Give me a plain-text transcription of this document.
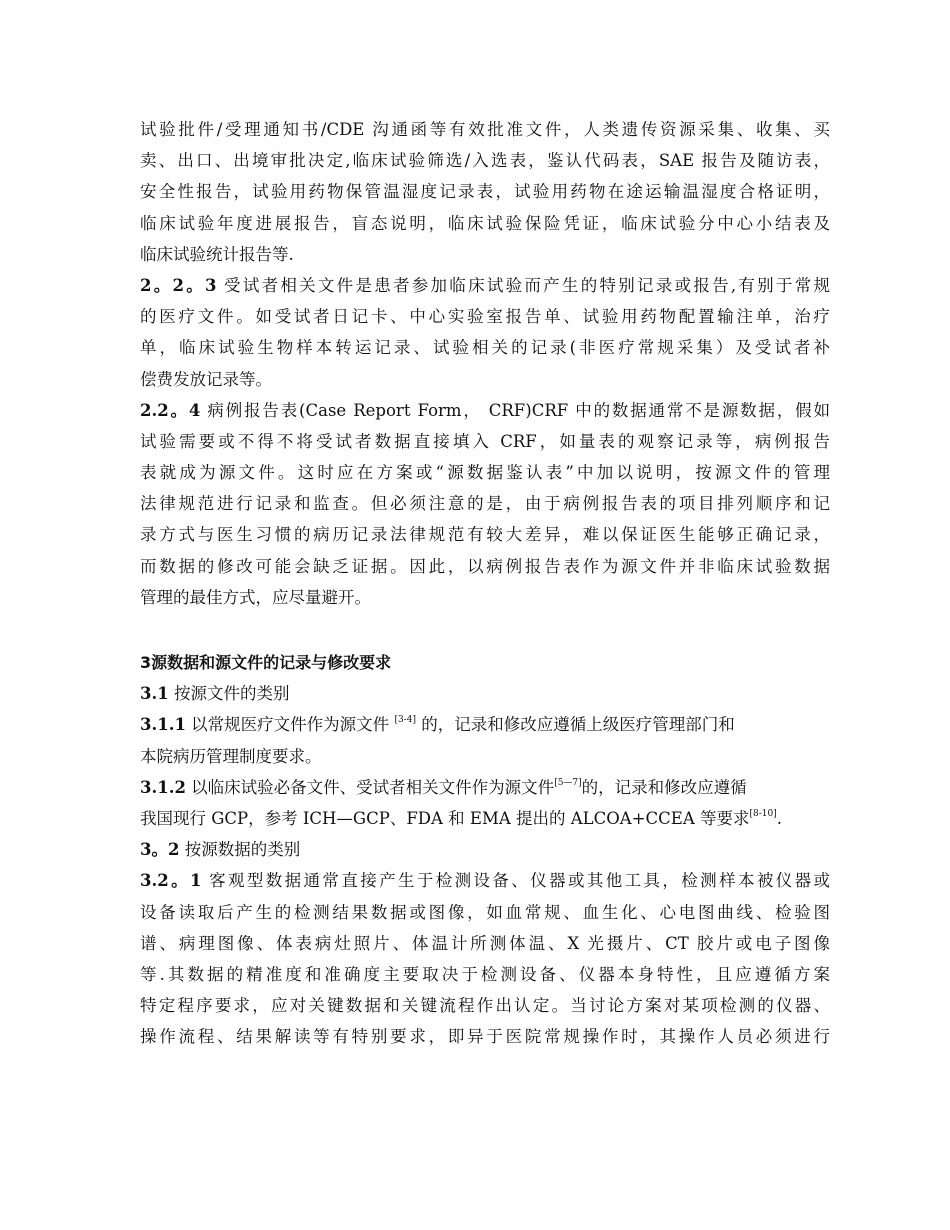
试验批件/受理通知书/CDE 沟通函等有效批准文件，人类遗传资源采集、收集、买
卖、出口、出境审批决定,临床试验筛选/入选表，鉴认代码表，SAE 报告及随访表，
安全性报告，试验用药物保管温湿度记录表，试验用药物在途运输温湿度合格证明，
临床试验年度进展报告，盲态说明，临床试验保险凭证，临床试验分中心小结表及
临床试验统计报告等.
2。2。3 受试者相关文件是患者参加临床试验而产生的特别记录或报告,有别于常规
的医疗文件。如受试者日记卡、中心实验室报告单、试验用药物配置输注单，治疗
单，临床试验生物样本转运记录、试验相关的记录(非医疗常规采集）及受试者补
偿费发放记录等。
2.2。4 病例报告表(Case Report Form， CRF)CRF 中的数据通常不是源数据，假如
试验需要或不得不将受试者数据直接填入 CRF，如量表的观察记录等，病例报告
表就成为源文件。这时应在方案或“源数据鉴认表”中加以说明，按源文件的管理
法律规范进行记录和监查。但必须注意的是，由于病例报告表的项目排列顺序和记
录方式与医生习惯的病历记录法律规范有较大差异，难以保证医生能够正确记录，
而数据的修改可能会缺乏证据。因此，以病例报告表作为源文件并非临床试验数据
管理的最佳方式，应尽量避开。
3源数据和源文件的记录与修改要求
3.1 按源文件的类别
3.1.1 以常规医疗文件作为源文件 [3-4] 的，记录和修改应遵循上级医疗管理部门和
本院病历管理制度要求。
3.1.2 以临床试验必备文件、受试者相关文件作为源文件[5—7]的，记录和修改应遵循
我国现行 GCP，参考 ICH—GCP、FDA 和 EMA 提出的 ALCOA+CCEA 等要求[8-10].
3。2 按源数据的类别
3.2。1 客观型数据通常直接产生于检测设备、仪器或其他工具，检测样本被仪器或
设备读取后产生的检测结果数据或图像，如血常规、血生化、心电图曲线、检验图
谱、病理图像、体表病灶照片、体温计所测体温、X 光摄片、CT 胶片或电子图像
等.其数据的精准度和准确度主要取决于检测设备、仪器本身特性，且应遵循方案
特定程序要求，应对关键数据和关键流程作出认定。当讨论方案对某项检测的仪器、
操作流程、结果解读等有特别要求，即异于医院常规操作时，其操作人员必须进行
